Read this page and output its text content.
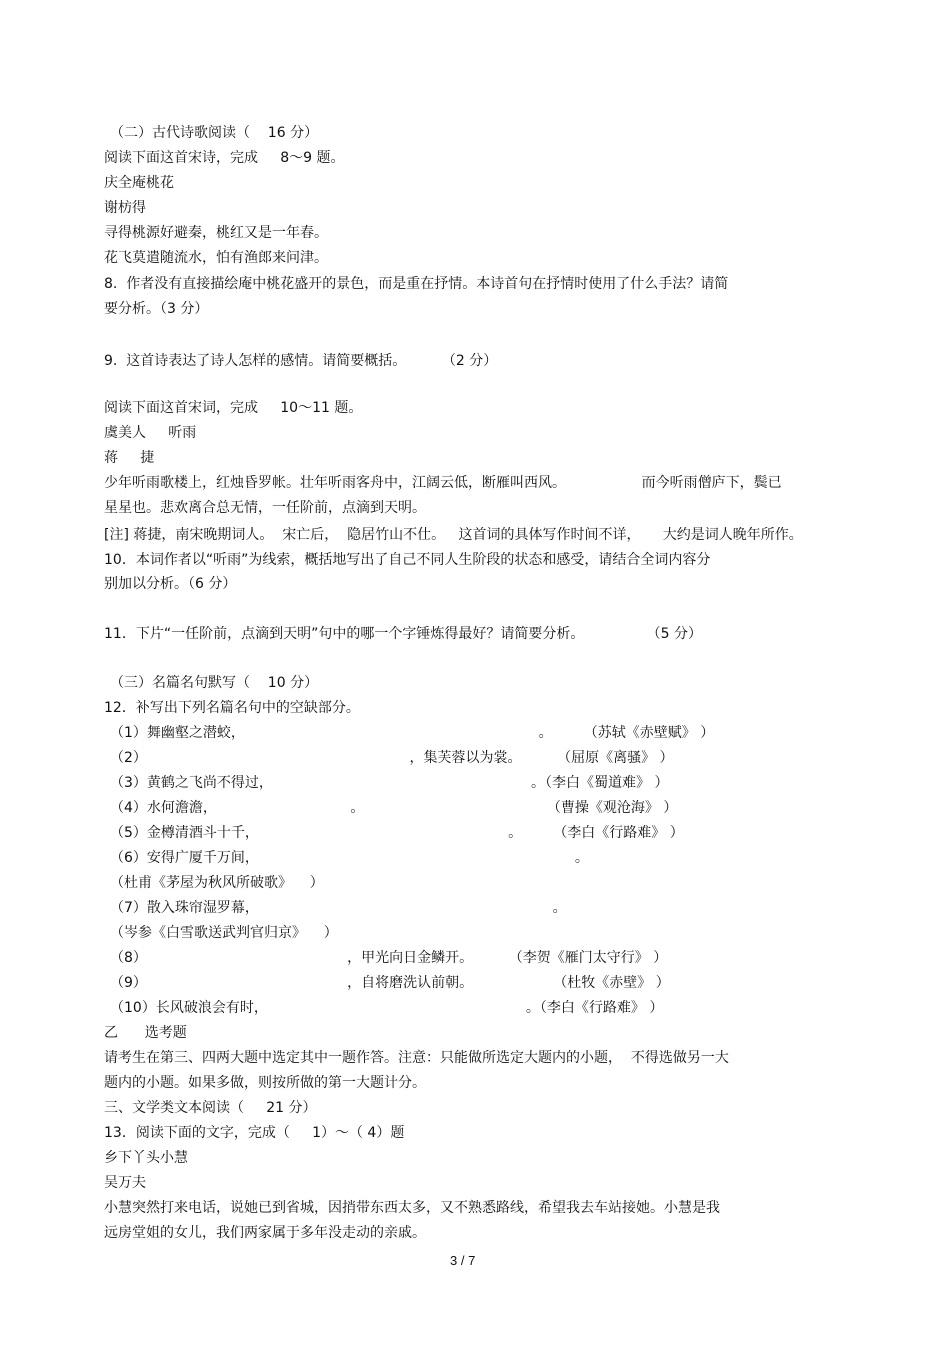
（二）古代诗歌阅读（    16 分）
阅读下面这首宋诗，完成     8～9 题。
庆全庵桃花
谢枋得
寻得桃源好避秦，桃红又是一年春。
花飞莫遣随流水，怕有渔郎来问津。
8.  作者没有直接描绘庵中桃花盛开的景色，而是重在抒情。本诗首句在抒情时使用了什么手法？请简
要分析。（3 分）
9.  这首诗表达了诗人怎样的感情。请简要概括。        （2 分）
阅读下面这首宋词，完成     10～11 题。
虞美人     听雨
蒋     捷
少年听雨歌楼上，红烛昏罗帐。壮年听雨客舟中，江阔云低，断雁叫西风。                 而今听雨僧庐下，鬓已
星星也。悲欢离合总无情，一任阶前，点滴到天明。
[注] 蒋捷，南宋晚期词人。  宋亡后，  隐居竹山不仕。   这首词的具体写作时间不详，     大约是词人晚年所作。
10．本词作者以“听雨”为线索，概括地写出了自己不同人生阶段的状态和感受，请结合全词内容分
别加以分析。（6 分）
11．下片“一任阶前，点滴到天明”句中的哪一个字锤炼得最好？请简要分析。              （5 分）
（三）名篇名句默写（    10 分）
12．补写出下列名篇名句中的空缺部分。
（1）舞幽壑之潜蛟，                                                                  。       （苏轼《赤壁赋》 ）
（2）                                                           ，集芙蓉以为裳。        （屈原《离骚》 ）
（3）黄鹤之飞尚不得过，                                                          。（李白《蜀道难》 ）
（4）水何澹澹，                              。                                         （曹操《观沧海》 ）
（5）金樽清酒斗十千，                                                        。       （李白《行路难》 ）
（6）安得广厦千万间，                                                                       。
（杜甫《茅屋为秋风所破歌》    ）
（7）散入珠帘湿罗幕，                                                                  。
（岑参《白雪歌送武判官归京》    ）
（8）                                             ，甲光向日金鳞开。        （李贺《雁门太守行》 ）
（9）                                             ，自将磨洗认前朝。                  （杜牧《赤壁》 ）
（10）长风破浪会有时，                                                          。（李白《行路难》 ）
乙      选考题
请考生在第三、四两大题中选定其中一题作答。注意：只能做所选定大题内的小题，  不得选做另一大
题内的小题。如果多做，则按所做的第一大题计分。
三、文学类文本阅读（     21 分）
13．阅读下面的文字，完成（     1）～（ 4）题
乡下丫头小慧
吴万夫
小慧突然打来电话，说她已到省城，因捎带东西太多，又不熟悉路线，希望我去车站接她。小慧是我
远房堂姐的女儿，我们两家属于多年没走动的亲戚。
3 / 7
